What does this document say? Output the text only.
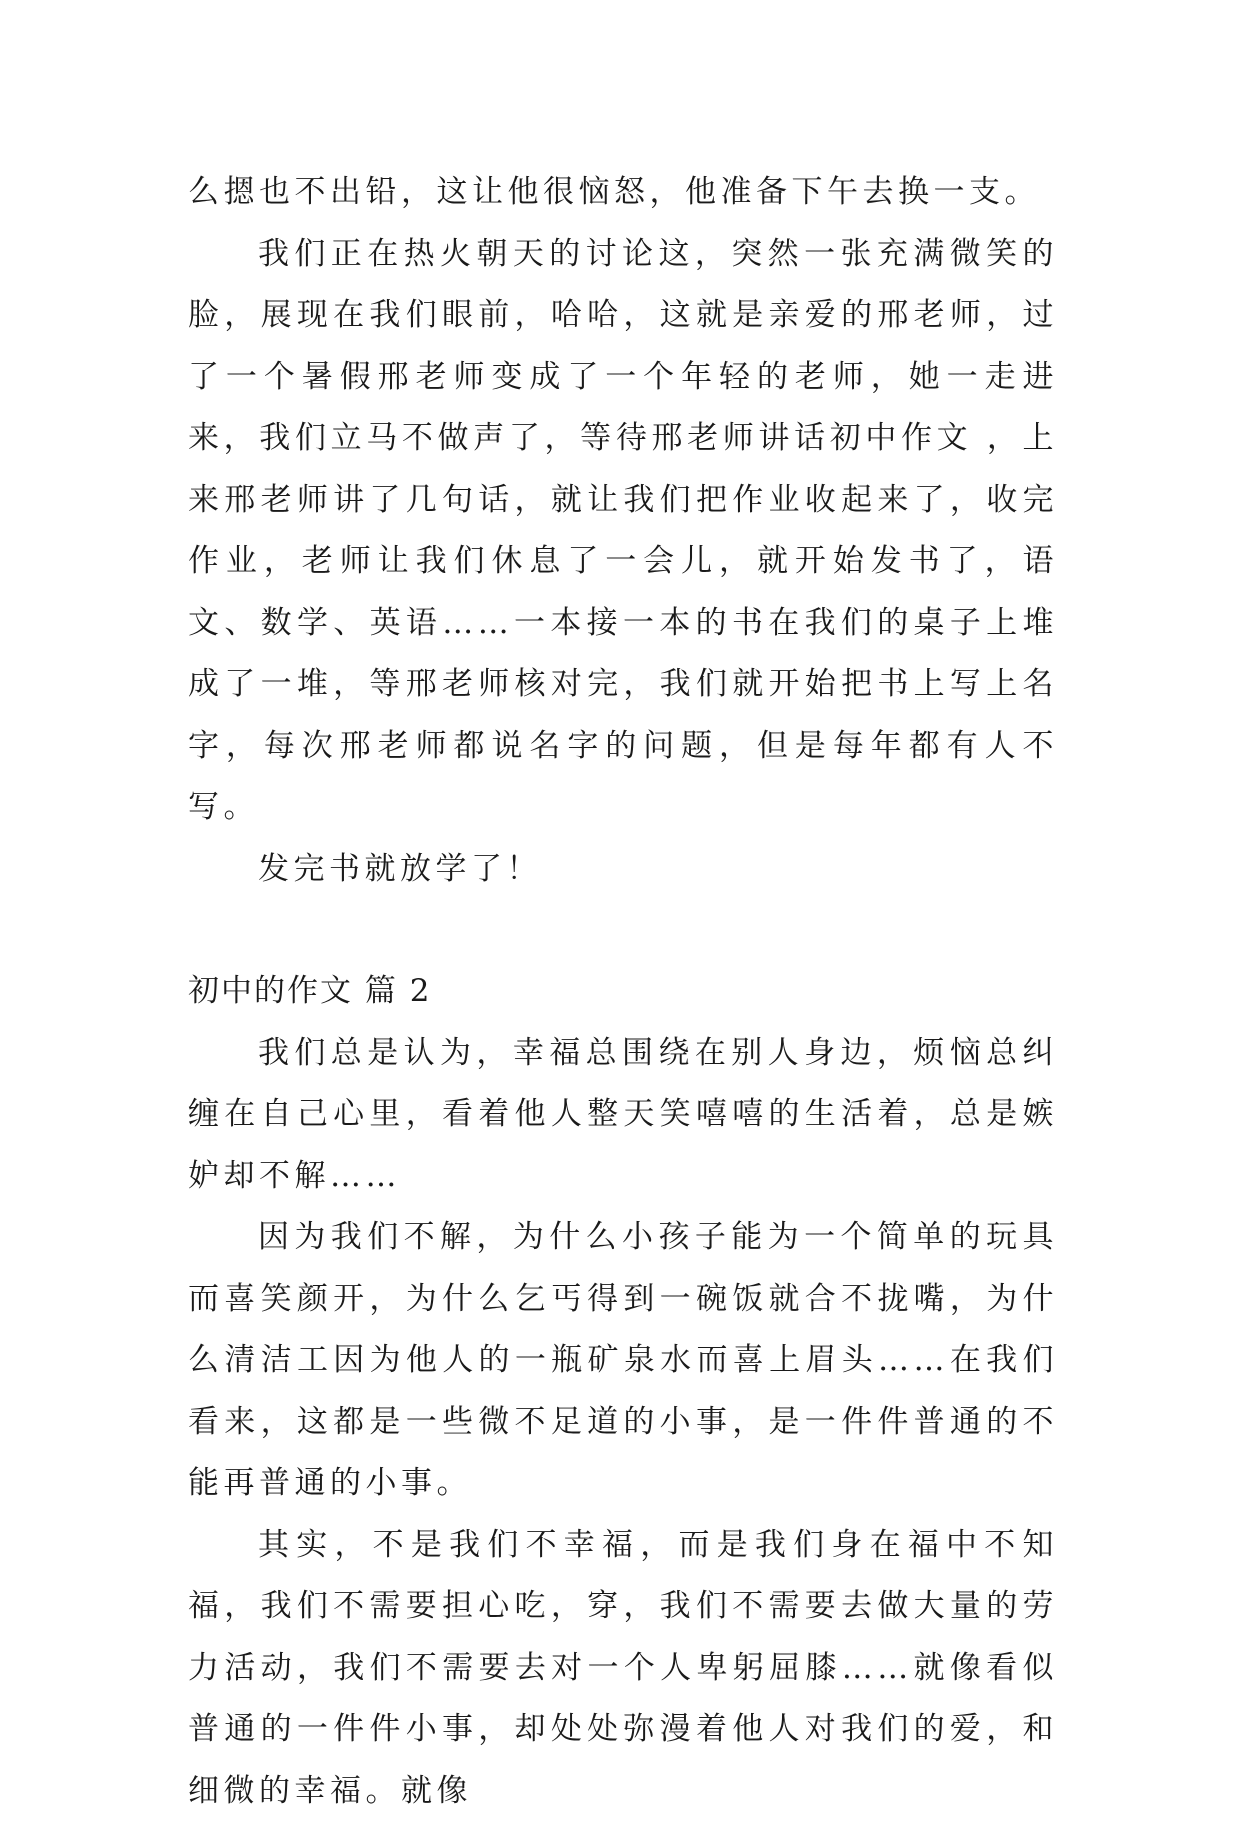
么摁也不出铅，这让他很恼怒，他准备下午去换一支。

我们正在热火朝天的讨论这，突然一张充满微笑的脸，展现在我们眼前，哈哈，这就是亲爱的邢老师，过了一个暑假邢老师变成了一个年轻的老师，她一走进来，我们立马不做声了，等待邢老师讲话初中作文 ，上来邢老师讲了几句话，就让我们把作业收起来了，收完作业，老师让我们休息了一会儿，就开始发书了，语文、数学、英语……一本接一本的书在我们的桌子上堆成了一堆，等邢老师核对完，我们就开始把书上写上名字，每次邢老师都说名字的问题，但是每年都有人不写。

发完书就放学了！

初中的作文 篇 2

我们总是认为，幸福总围绕在别人身边，烦恼总纠缠在自己心里，看着他人整天笑嘻嘻的生活着，总是嫉妒却不解……

因为我们不解，为什么小孩子能为一个简单的玩具而喜笑颜开，为什么乞丐得到一碗饭就合不拢嘴，为什么清洁工因为他人的一瓶矿泉水而喜上眉头……在我们看来，这都是一些微不足道的小事，是一件件普通的不能再普通的小事。

其实，不是我们不幸福，而是我们身在福中不知福，我们不需要担心吃，穿，我们不需要去做大量的劳力活动，我们不需要去对一个人卑躬屈膝……就像看似普通的一件件小事，却处处弥漫着他人对我们的爱，和细微的幸福。就像
